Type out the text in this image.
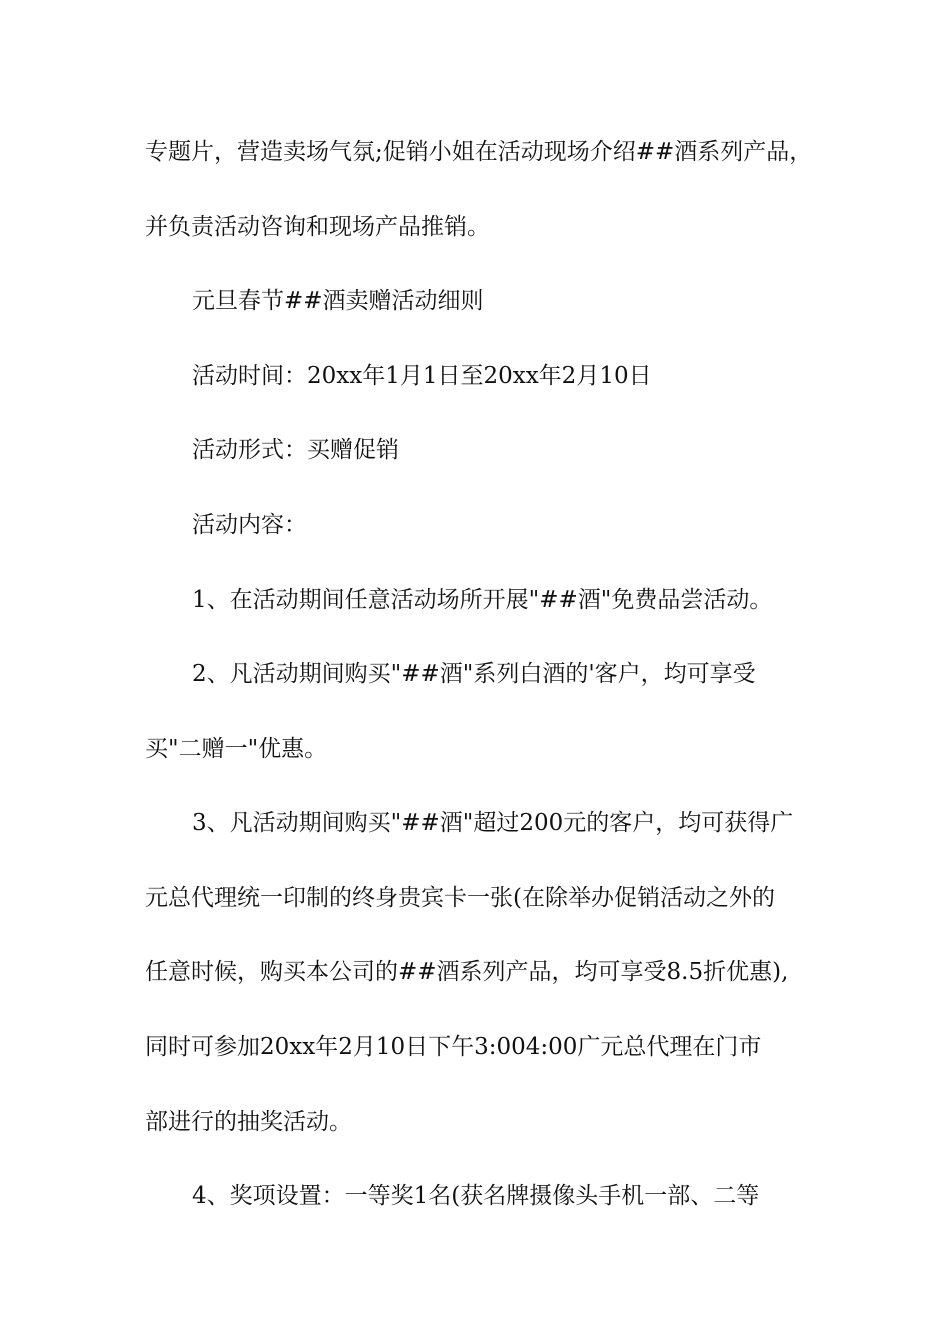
专题片，营造卖场气氛;促销小姐在活动现场介绍##酒系列产品，
并负责活动咨询和现场产品推销。
元旦春节##酒卖赠活动细则
活动时间：20xx年1月1日至20xx年2月10日
活动形式：买赠促销
活动内容：
1、在活动期间任意活动场所开展"##酒"免费品尝活动。
2、凡活动期间购买"##酒"系列白酒的'客户，均可享受
买"二赠一"优惠。
3、凡活动期间购买"##酒"超过200元的客户，均可获得广
元总代理统一印制的终身贵宾卡一张(在除举办促销活动之外的
任意时候，购买本公司的##酒系列产品，均可享受8.5折优惠),
同时可参加20xx年2月10日下午3:004:00广元总代理在门市
部进行的抽奖活动。
4、奖项设置：一等奖1名(获名牌摄像头手机一部、二等
